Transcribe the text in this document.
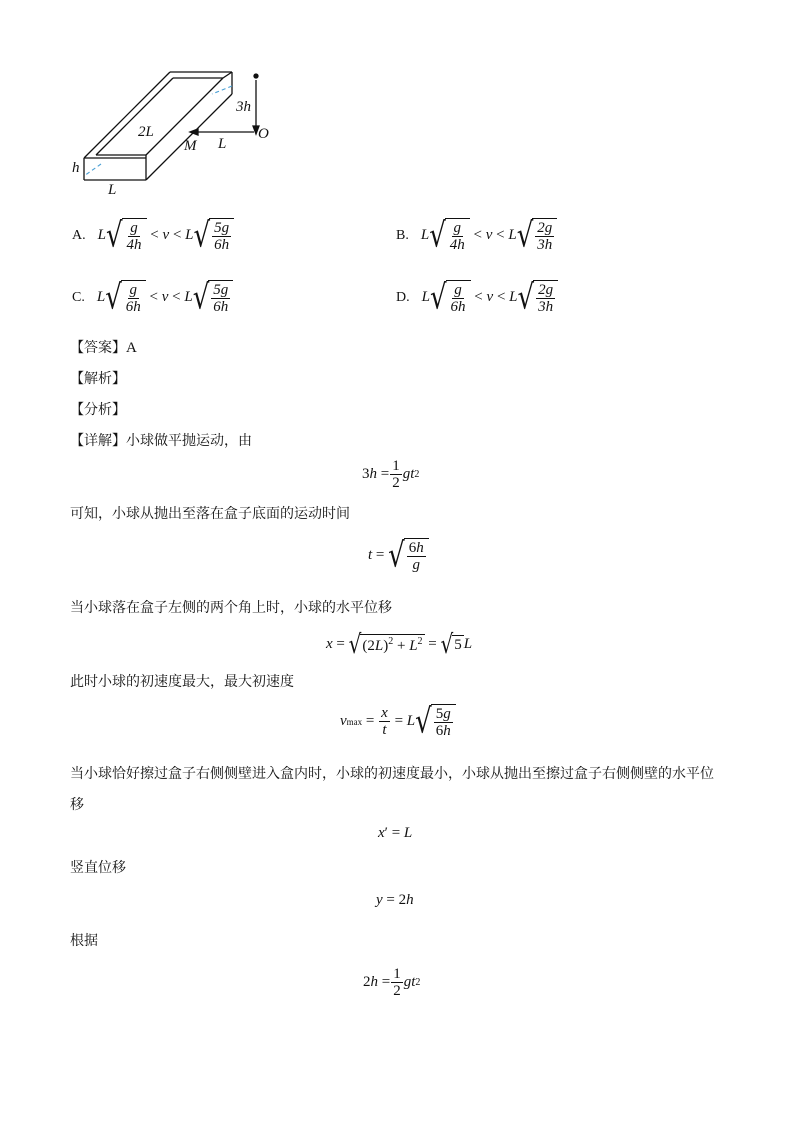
3h
O
2L
M L
h
L
A. L √ $\frac{g}{4h} < v < L$ √ $\frac{5g}{6h}$	B. L √ $\frac{g}{4h} < v < L$ √ $\frac{2g}{3h}$
C. L √ $\frac{g}{6h} < v < L$ √ $\frac{5g}{6h}$	D. L √ $\frac{g}{6h} < v < L$ √ $\frac{2g}{3h}$
【答案】A
【解析】
【分析】
【详解】小球做平抛运动，由
$3h = \frac{1}{2}$ gt 2
可知，小球从抛出至落在盒子底面的运动时间
t = √ $\frac{6h}{g}$
当小球落在盒子左侧的两个角上时，小球的水平位移
x = √ $(2L)^2 + L^2$ = √ 5 L
此时小球的初速度最大，最大初速度
v $\max = \frac{x}{t} = L$ √ $\frac{5g}{6h}$
当小球恰好擦过盒子右侧侧壁进入盒内时，小球的初速度最小，小球从抛出至擦过盒子右侧侧壁的水平位
移
x ′ = L
竖直位移
y = 2 h
根据
$2h = \frac{1}{2}$ gt 2
